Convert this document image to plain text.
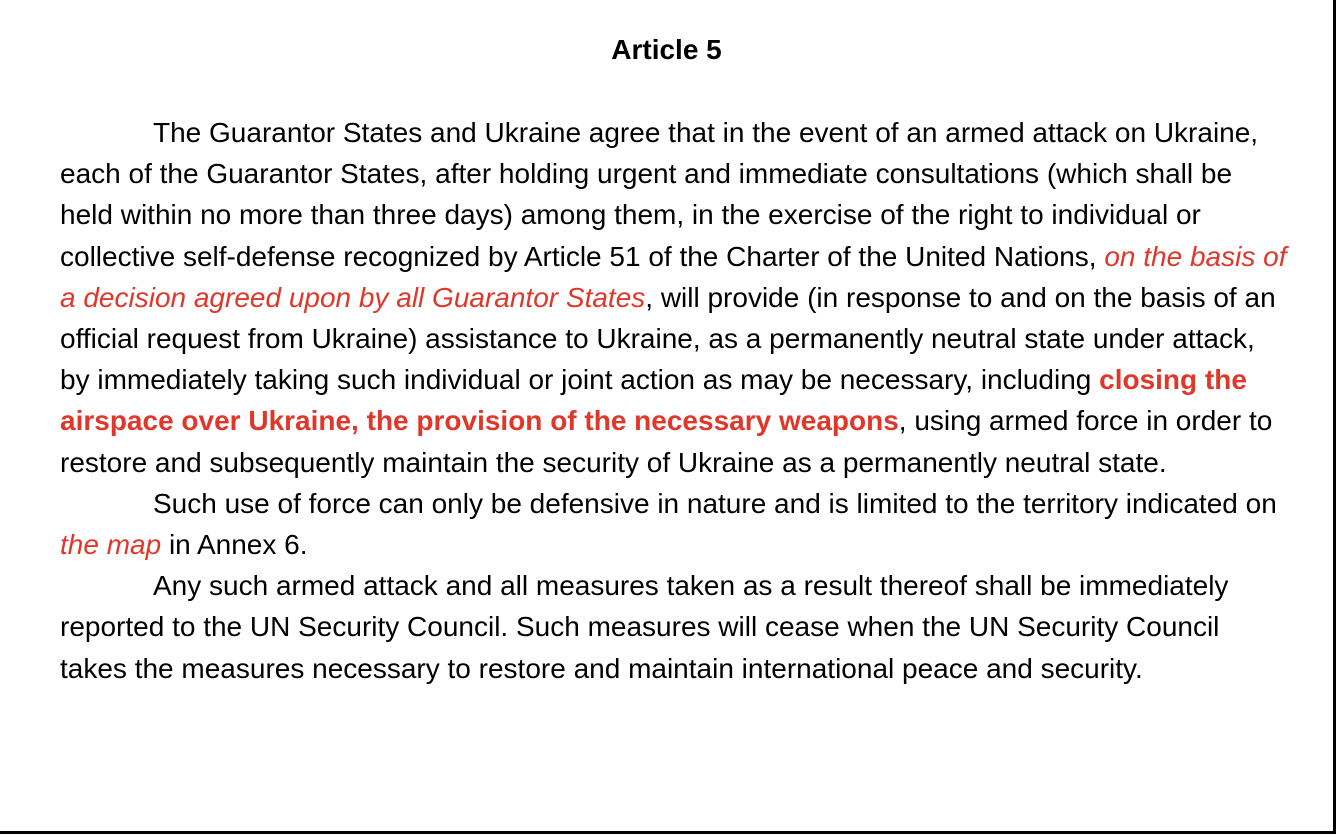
Article 5

The Guarantor States and Ukraine agree that in the event of an armed attack on Ukraine, each of the Guarantor States, after holding urgent and immediate consultations (which shall be held within no more than three days) among them, in the exercise of the right to individual or collective self-defense recognized by Article 51 of the Charter of the United Nations, on the basis of a decision agreed upon by all Guarantor States, will provide (in response to and on the basis of an official request from Ukraine) assistance to Ukraine, as a permanently neutral state under attack, by immediately taking such individual or joint action as may be necessary, including closing the airspace over Ukraine, the provision of the necessary weapons, using armed force in order to restore and subsequently maintain the security of Ukraine as a permanently neutral state.

Such use of force can only be defensive in nature and is limited to the territory indicated on the map in Annex 6.

Any such armed attack and all measures taken as a result thereof shall be immediately reported to the UN Security Council. Such measures will cease when the UN Security Council takes the measures necessary to restore and maintain international peace and security.
